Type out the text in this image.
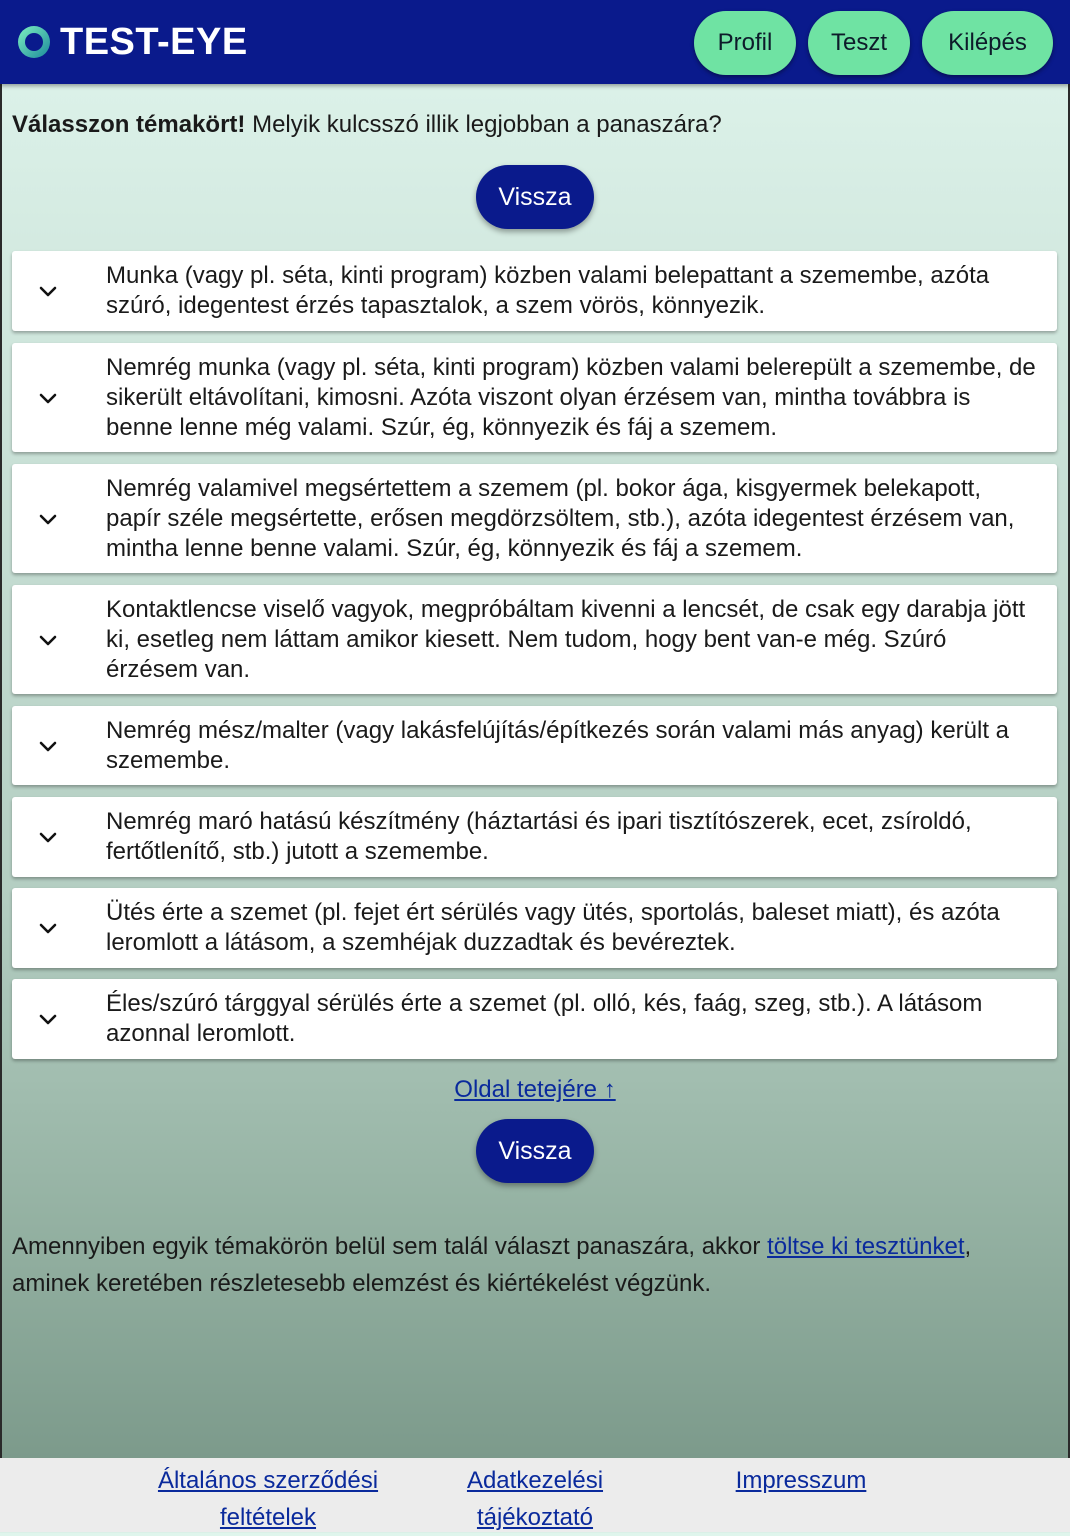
TEST-EYE	Profil	Teszt	Kilépés
Válasszon témakört! Melyik kulcsszó illik legjobban a panaszára?
Vissza
Munka (vagy pl. séta, kinti program) közben valami belepattant a szemembe, azóta szúró, idegentest érzés tapasztalok, a szem vörös, könnyezik.
Nemrég munka (vagy pl. séta, kinti program) közben valami belerepült a szemembe, de sikerült eltávolítani, kimosni. Azóta viszont olyan érzésem van, mintha továbbra is benne lenne még valami. Szúr, ég, könnyezik és fáj a szemem.
Nemrég valamivel megsértettem a szemem (pl. bokor ága, kisgyermek belekapott, papír széle megsértette, erősen megdörzsöltem, stb.), azóta idegentest érzésem van, mintha lenne benne valami. Szúr, ég, könnyezik és fáj a szemem.
Kontaktlencse viselő vagyok, megpróbáltam kivenni a lencsét, de csak egy darabja jött ki, esetleg nem láttam amikor kiesett. Nem tudom, hogy bent van-e még. Szúró érzésem van.
Nemrég mész/malter (vagy lakásfelújítás/építkezés során valami más anyag) került a szemembe.
Nemrég maró hatású készítmény (háztartási és ipari tisztítószerek, ecet, zsíroldó, fertőtlenítő, stb.) jutott a szemembe.
Ütés érte a szemet (pl. fejet ért sérülés vagy ütés, sportolás, baleset miatt), és azóta leromlott a látásom, a szemhéjak duzzadtak és bevéreztek.
Éles/szúró tárggyal sérülés érte a szemet (pl. olló, kés, faág, szeg, stb.). A látásom azonnal leromlott.
Oldal tetejére ↑
Vissza
Amennyiben egyik témakörön belül sem talál választ panaszára, akkor töltse ki tesztünket, aminek keretében részletesebb elemzést és kiértékelést végzünk.
Általános szerződési feltételek
Adatkezelési tájékoztató
Impresszum
